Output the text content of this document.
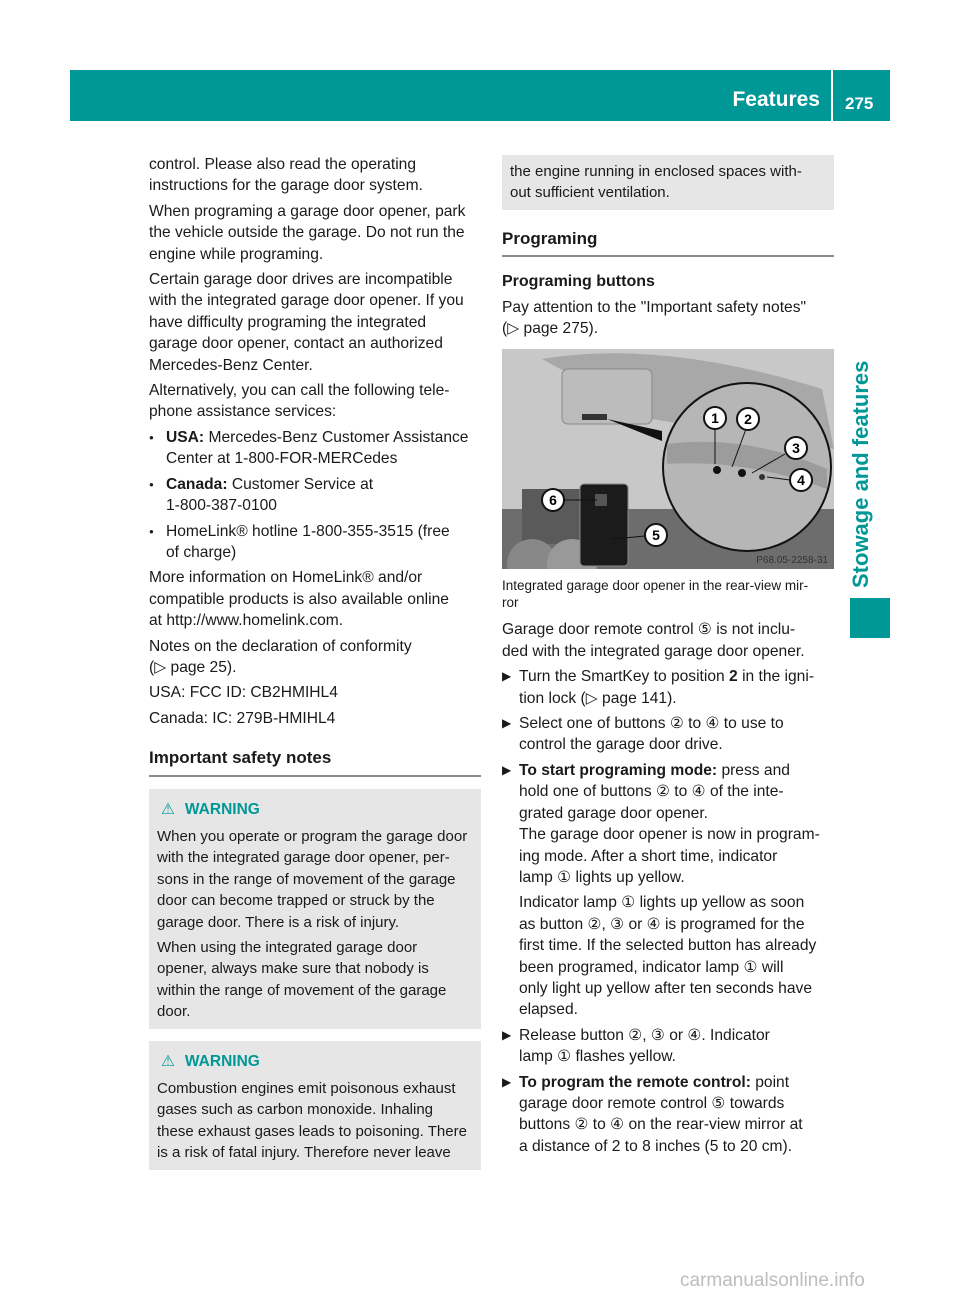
Features 275
Stowage and features

control. Please also read the operating
instructions for the garage door system.

When programing a garage door opener, park
the vehicle outside the garage. Do not run the
engine while programing.

Certain garage door drives are incompatible
with the integrated garage door opener. If you
have difficulty programing the integrated
garage door opener, contact an authorized
Mercedes-Benz Center.

Alternatively, you can call the following tele-
phone assistance services:

● USA: Mercedes-Benz Customer Assistance
Center at 1-800-FOR-MERCedes
● Canada: Customer Service at
1-800-387-0100
● HomeLink® hotline 1-800-355-3515 (free
of charge)

More information on HomeLink® and/or
compatible products is also available online
at http://www.homelink.com.

Notes on the declaration of conformity
(▷ page 25).

USA: FCC ID: CB2HMIHL4

Canada: IC: 279B-HMIHL4

Important safety notes
⚠ WARNING
When you operate or program the garage door
with the integrated garage door opener, per-
sons in the range of movement of the garage
door can become trapped or struck by the
garage door. There is a risk of injury.
When using the integrated garage door
opener, always make sure that nobody is
within the range of movement of the garage
door.
⚠ WARNING
Combustion engines emit poisonous exhaust
gases such as carbon monoxide. Inhaling
these exhaust gases leads to poisoning. There
is a risk of fatal injury. Therefore never leave
the engine running in enclosed spaces with-
out sufficient ventilation.
Programing
Programing buttons

Pay attention to the "Important safety notes"
(▷ page 275).

1 2
3
4
5
6
P68.05-2258-31
Integrated garage door opener in the rear-view mir-
ror

Garage door remote control ⑤ is not inclu-
ded with the integrated garage door opener.

▶ Turn the SmartKey to position 2 in the igni-
tion lock (▷ page 141).
▶ Select one of buttons ② to ④ to use to
control the garage door drive.
▶ To start programing mode: press and
hold one of buttons ② to ④ of the inte-
grated garage door opener.
The garage door opener is now in program-
ing mode. After a short time, indicator
lamp ① lights up yellow.
Indicator lamp ① lights up yellow as soon
as button ②, ③ or ④ is programed for the
first time. If the selected button has already
been programed, indicator lamp ① will
only light up yellow after ten seconds have
elapsed.
▶ Release button ②, ③ or ④. Indicator
lamp ① flashes yellow.
▶ To program the remote control: point
garage door remote control ⑤ towards
buttons ② to ④ on the rear-view mirror at
a distance of 2 to 8 inches (5 to 20 cm).
carmanualsonline.info
